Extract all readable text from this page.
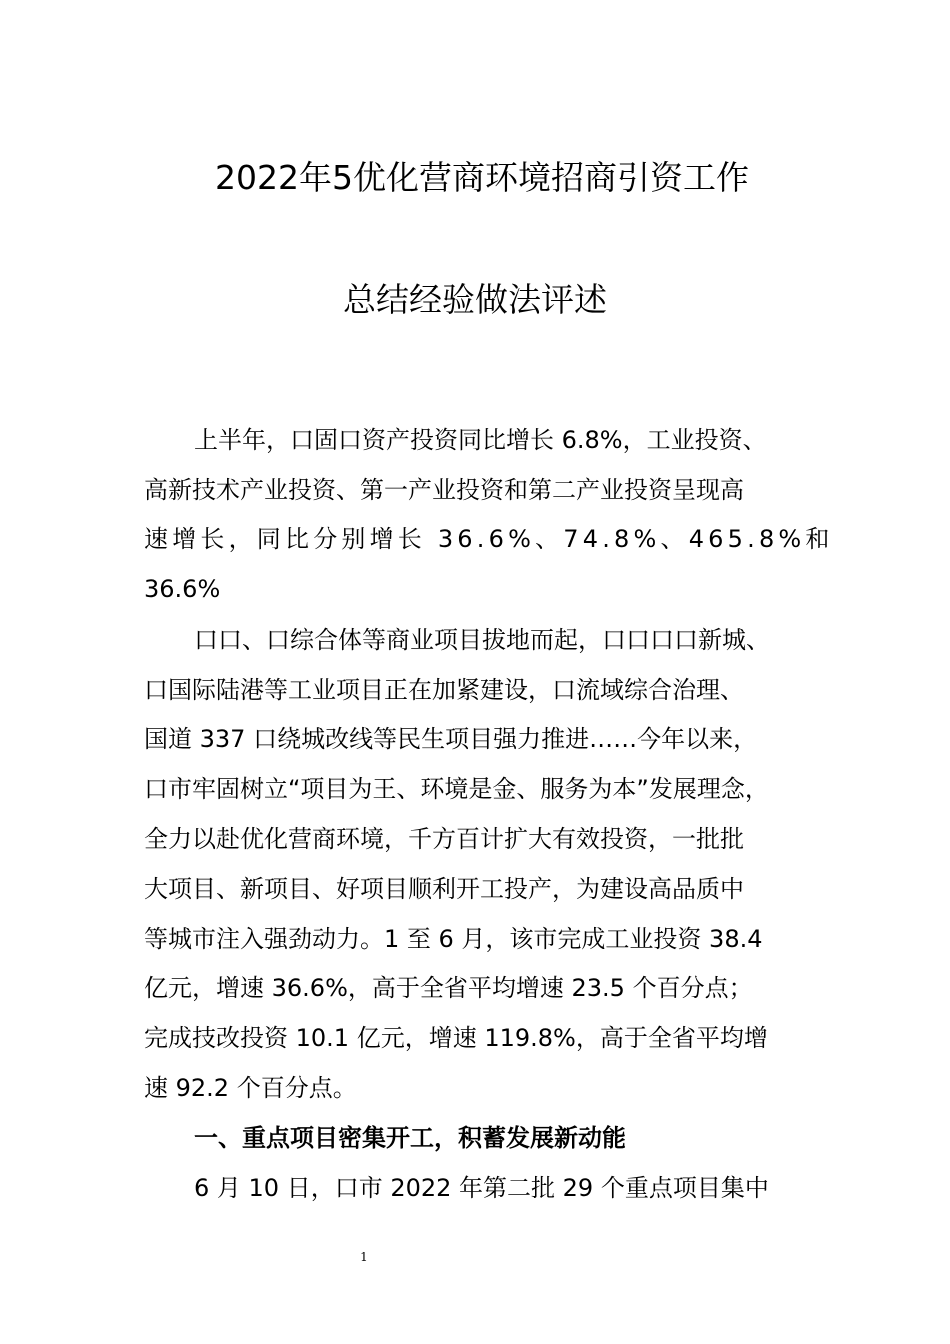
2022年5优化营商环境招商引资工作
总结经验做法评述
上半年，口固口资产投资同比增长 6.8%，工业投资、
高新技术产业投资、第一产业投资和第二产业投资呈现高
速增长，同比分别增长 36.6%、74.8%、465.8%和
36.6%
口口、口综合体等商业项目拔地而起，口口口口新城、
口国际陆港等工业项目正在加紧建设，口流域综合治理、
国道 337 口绕城改线等民生项目强力推进……今年以来，
口市牢固树立“项目为王、环境是金、服务为本”发展理念，
全力以赴优化营商环境，千方百计扩大有效投资，一批批
大项目、新项目、好项目顺利开工投产，为建设高品质中
等城市注入强劲动力。1 至 6 月，该市完成工业投资 38.4
亿元，增速 36.6%，高于全省平均增速 23.5 个百分点；
完成技改投资 10.1 亿元，增速 119.8%，高于全省平均增
速 92.2 个百分点。
一、重点项目密集开工，积蓄发展新动能
6 月 10 日，口市 2022 年第二批 29 个重点项目集中
1
